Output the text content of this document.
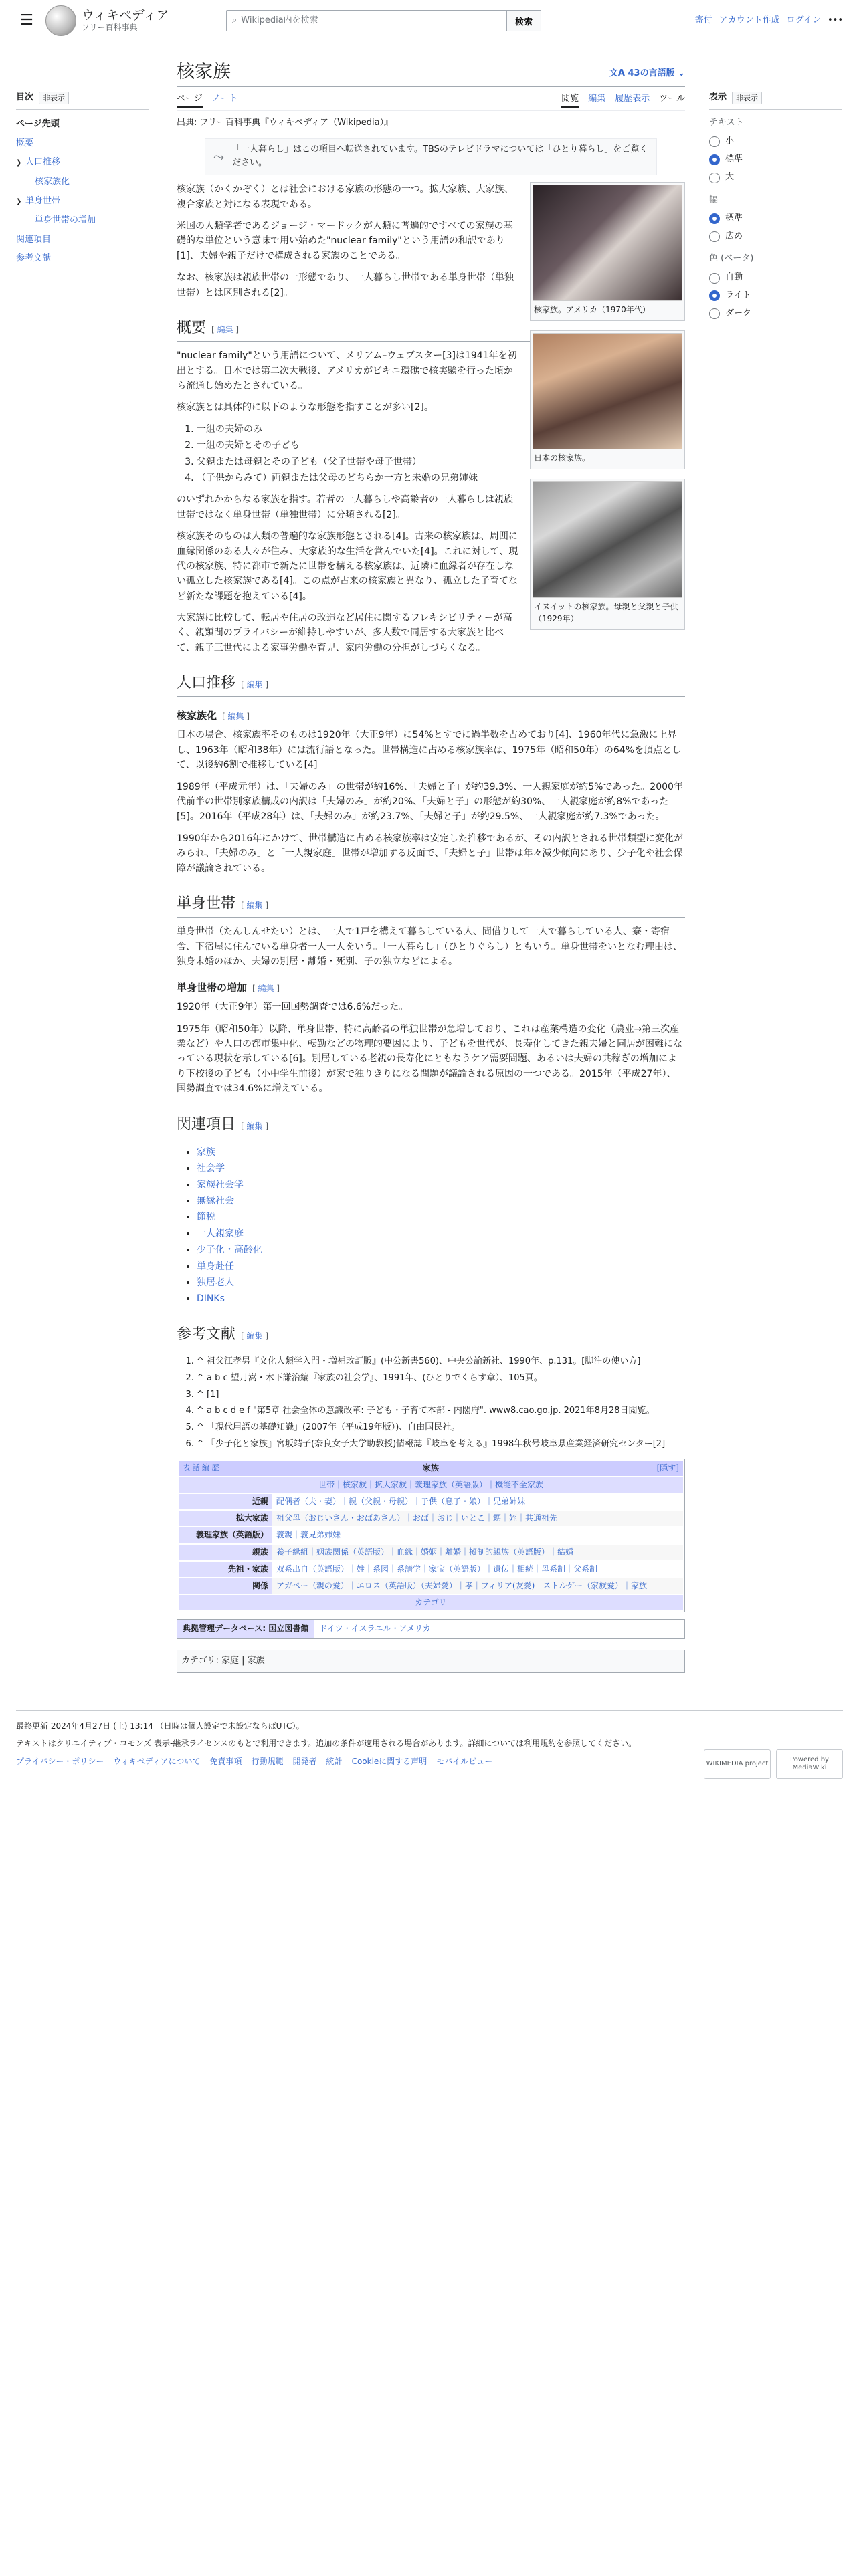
☰	ウィキペディア
フリー百科事典
⌕ Wikipedia内を検索	検索	寄付 アカウント作成 ログイン •••
目次	非表示
ページ先頭
概要
❯ 人口推移
核家族化
❯ 単身世帯
単身世帯の増加
関連項目
参考文献
核家族	文A 43の言語版 ⌄
ページ ノート	閲覧 編集 履歴表示 ツール
出典: フリー百科事典『ウィキペディア（Wikipedia）』
⤳ 「一人暮らし」はこの項目へ転送されています。TBSのテレビドラマについては「ひとり暮らし」をご覧ください。
核家族。アメリカ（1970年代）
日本の核家族。
イヌイットの核家族。母親と父親と子供（1929年）

核家族（かくかぞく）とは社会における家族の形態の一つ。拡大家族、大家族、複合家族と対になる表現である。

米国の人類学者であるジョージ・マードックが人類に普遍的ですべての家族の基礎的な単位という意味で用い始めた"nuclear family"という用語の和訳であり[1]、夫婦や親子だけで構成される家族のことである。

なお、核家族は親族世帯の一形態であり、一人暮らし世帯である単身世帯（単独世帯）とは区別される[2]。

概要 [ 編集 ]

"nuclear family"という用語について、メリアム–ウェブスター[3]は1941年を初出とする。日本では第二次大戦後、アメリカがビキニ環礁で核実験を行った頃から流通し始めたとされている。

核家族とは具体的に以下のような形態を指すことが多い[2]。

1. 一組の夫婦のみ
2. 一組の夫婦とその子ども
3. 父親または母親とその子ども（父子世帯や母子世帯）
4. （子供からみて）両親または父母のどちらか一方と未婚の兄弟姉妹

のいずれかからなる家族を指す。若者の一人暮らしや高齢者の一人暮らしは親族世帯ではなく単身世帯（単独世帯）に分類される[2]。

核家族そのものは人類の普遍的な家族形態とされる[4]。古来の核家族は、周囲に血縁関係のある人々が住み、大家族的な生活を営んでいた[4]。これに対して、現代の核家族、特に都市で新たに世帯を構える核家族は、近隣に血縁者が存在しない孤立した核家族である[4]。この点が古来の核家族と異なり、孤立した子育てなど新たな課題を抱えている[4]。

大家族に比較して、転居や住居の改造など居住に関するフレキシビリティーが高く、親類間のプライバシーが維持しやすいが、多人数で同居する大家族と比べて、親子三世代による家事労働や育児、家内労働の分担がしづらくなる。

人口推移 [ 編集 ]
核家族化 [ 編集 ]

日本の場合、核家族率そのものは1920年（大正9年）に54%とすでに過半数を占めており[4]、1960年代に急激に上昇し、1963年（昭和38年）には流行語となった。世帯構造に占める核家族率は、1975年（昭和50年）の64%を頂点として、以後約6割で推移している[4]。

1989年（平成元年）は、「夫婦のみ」の世帯が約16%、「夫婦と子」が約39.3%、一人親家庭が約5%であった。2000年代前半の世帯別家族構成の内訳は「夫婦のみ」が約20%、「夫婦と子」の形態が約30%、一人親家庭が約8%であった[5]。2016年（平成28年）は、「夫婦のみ」が約23.7%、「夫婦と子」が約29.5%、一人親家庭が約7.3%であった。

1990年から2016年にかけて、世帯構造に占める核家族率は安定した推移であるが、その内訳とされる世帯類型に変化がみられ、「夫婦のみ」と「一人親家庭」世帯が増加する反面で、「夫婦と子」世帯は年々減少傾向にあり、少子化や社会保障が議論されている。

単身世帯 [ 編集 ]

単身世帯（たんしんせたい）とは、一人で1戸を構えて暮らしている人、間借りして一人で暮らしている人、寮・寄宿舎、下宿屋に住んでいる単身者一人一人をいう。「一人暮らし」（ひとりぐらし）ともいう。単身世帯をいとなむ理由は、独身未婚のほか、夫婦の別居・離婚・死別、子の独立などによる。

単身世帯の増加 [ 編集 ]

1920年（大正9年）第一回国勢調査では6.6%だった。

1975年（昭和50年）以降、単身世帯、特に高齢者の単独世帯が急増しており、これは産業構造の変化（農业→第三次産業など）や人口の都市集中化、転勤などの物理的要因により、子どもを世代が、長寿化してきた親夫婦と同居が困難になっている現状を示している[6]。別居している老親の長寿化にともなうケア需要問題、あるいは夫婦の共稼ぎの増加により下校後の子ども（小中学生前後）が家で独りきりになる問題が議論される原因の一つである。2015年（平成27年）、国勢調査では34.6%に増えている。

関連項目 [ 編集 ]
• 家族
• 社会学
• 家族社会学
• 無縁社会
• 節税
• 一人親家庭
• 少子化・高齢化
• 単身赴任
• 独居老人
• DINKs
参考文献 [ 編集 ]
1. ^ 祖父江孝男『文化人類学入門・増補改訂版』(中公新書560)、中央公論新社、1990年、p.131。[脚注の使い方]
2. ^ a b c 望月嵩・木下謙治編『家族の社会学』、1991年、(ひとりでくらす章）、105頁。
3. ^ [1]
4. ^ a b c d e f "第5章 社会全体の意識改革: 子ども・子育て本部 - 内閣府". www8.cao.go.jp. 2021年8月28日閲覧。
5. ^ 「現代用語の基礎知識」(2007年（平成19年版）)、自由国民社。
6. ^ 『少子化と家族』宮坂靖子(奈良女子大学助教授)情報誌『岐阜を考える』1998年秋号岐阜県産業経済研究センター[2]
表 話 編 歴	家族	[隠す]
世帯｜核家族｜拡大家族｜義理家族（英語版）｜機能不全家族
近親	配偶者（夫・妻）｜親（父親・母親）｜子供（息子・娘）｜兄弟姉妹
拡大家族	祖父母（おじいさん・おばあさん）｜おば｜おじ｜いとこ｜甥｜姪｜共通祖先
義理家族（英語版）	義親｜義兄弟姉妹
親族	養子縁組｜姻族関係（英語版）｜血縁｜婚姻｜離婚｜擬制的親族（英語版）｜結婚
先祖・家族	双系出自（英語版）｜姓｜系図｜系譜学｜家宝（英語版）｜遺伝｜相続｜母系制｜父系制
関係	アガペー（親の愛）｜エロス（英語版）（夫婦愛）｜孝｜フィリア(友愛)｜ストルゲー（家族愛）｜家族
カテゴリ
典拠管理データベース: 国立図書館	ドイツ・イスラエル・アメリカ
カテゴリ: 家庭 | 家族
表示	非表示
テキスト
小
標準
大
幅
標準
広め
色 (ベータ)
自動
ライト
ダーク

最終更新 2024年4月27日 (土) 13:14 （日時は個人設定で未設定ならばUTC）。

テキストはクリエイティブ・コモンズ 表示-継承ライセンスのもとで利用できます。追加の条件が適用される場合があります。詳細については利用規約を参照してください。

プライバシー・ポリシー ウィキペディアについて 免責事項 行動規範 開発者 統計 Cookieに関する声明 モバイルビュー	WIKIMEDIA project
Powered by MediaWiki
